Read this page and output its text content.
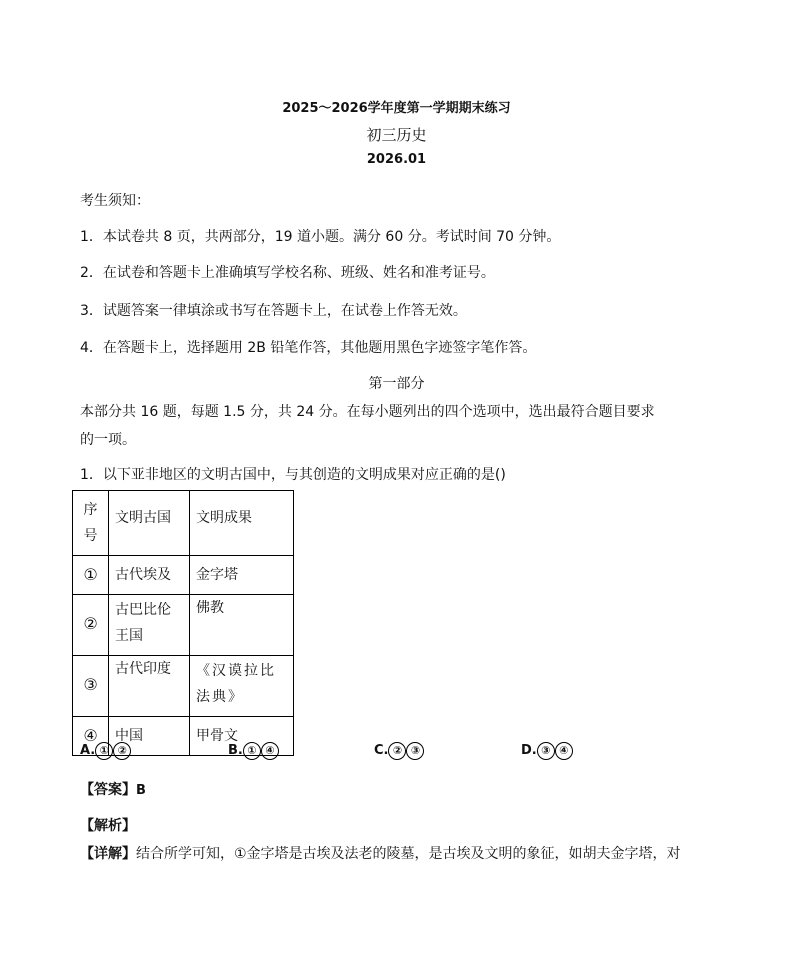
2025～2026学年度第一学期期末练习
初三历史
2026.01
考生须知：
1．本试卷共 8 页，共两部分，19 道小题。满分 60 分。考试时间 70 分钟。
2．在试卷和答题卡上准确填写学校名称、班级、姓名和准考证号。
3．试题答案一律填涂或书写在答题卡上，在试卷上作答无效。
4．在答题卡上，选择题用 2B 铅笔作答，其他题用黑色字迹签字笔作答。
第一部分
本部分共 16 题，每题 1.5 分，共 24 分。在每小题列出的四个选项中，选出最符合题目要求
的一项。
1．以下亚非地区的文明古国中，与其创造的文明成果对应正确的是()
序号	文明古国	文明成果

①	古代埃及	金字塔

②	古巴比伦王国	佛教

③	古代印度	《汉谟拉比法典》

④	中国	甲骨文
A. ① ②	B. ① ④	C. ② ③	D. ③ ④
【答案】B
【解析】
【详解】结合所学可知，①金字塔是古埃及法老的陵墓，是古埃及文明的象征，如胡夫金字塔，对
